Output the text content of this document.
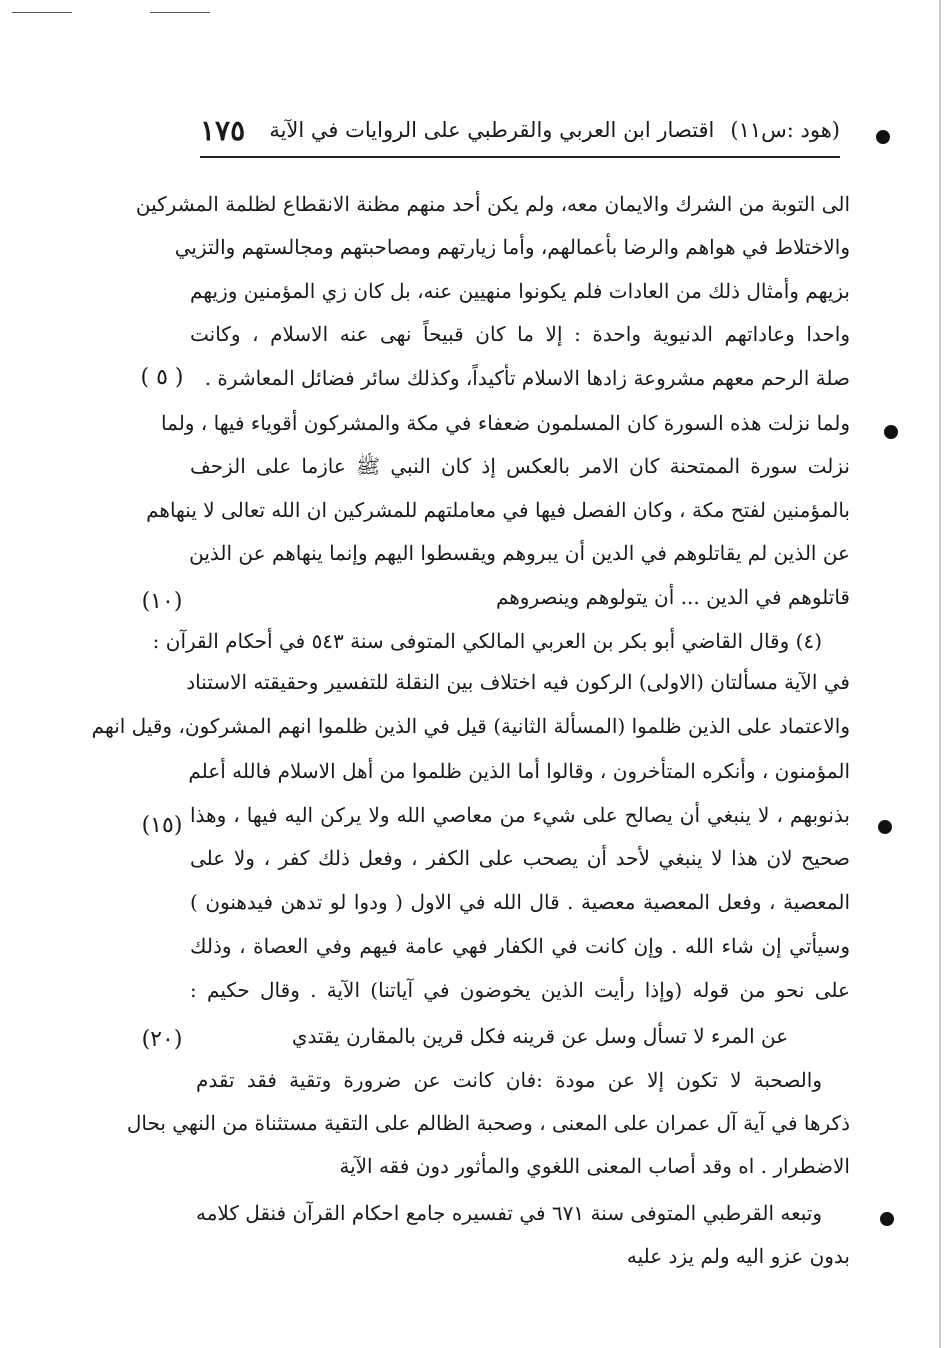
(هود :س١١)
اقتصار ابن العربي والقرطبي على الروايات في الآية
١٧٥
الى التوبة من الشرك والايمان معه، ولم يكن أحد منهم مظنة الانقطاع لظلمة المشركين
والاختلاط في هواهم والرضا بأعمالهم، وأما زيارتهم ومصاحبتهم ومجالستهم والتزيي
بزيهم وأمثال ذلك من العادات فلم يكونوا منهيين عنه، بل كان زي المؤمنين وزيهم
واحدا وعاداتهم الدنيوية واحدة : إلا ما كان قبيحاً نهى عنه الاسلام ، وكانت
صلة الرحم معهم مشروعة زادها الاسلام تأكيداً، وكذلك سائر فضائل المعاشرة .
ولما نزلت هذه السورة كان المسلمون ضعفاء في مكة والمشركون أقوياء فيها ، ولما
نزلت سورة الممتحنة كان الامر بالعكس إذ كان النبي ﷺ عازما على الزحف
بالمؤمنين لفتح مكة ، وكان الفصل فيها في معاملتهم للمشركين ان الله تعالى لا ينهاهم
عن الذين لم يقاتلوهم في الدين أن يبروهم ويقسطوا اليهم وإنما ينهاهم عن الذين
قاتلوهم في الدين ... أن يتولوهم وينصروهم
(٤) وقال القاضي أبو بكر بن العربي المالكي المتوفى سنة ٥٤٣ في أحكام القرآن :
في الآية مسألتان (الاولى) الركون فيه اختلاف بين النقلة للتفسير وحقيقته الاستناد
والاعتماد على الذين ظلموا (المسألة الثانية) قيل في الذين ظلموا انهم المشركون، وقيل انهم
المؤمنون ، وأنكره المتأخرون ، وقالوا أما الذين ظلموا من أهل الاسلام فالله أعلم
بذنوبهم ، لا ينبغي أن يصالح على شيء من معاصي الله ولا يركن اليه فيها ، وهذا
صحيح لان هذا لا ينبغي لأحد أن يصحب على الكفر ، وفعل ذلك كفر ، ولا على
المعصية ، وفعل المعصية معصية . قال الله في الاول ( ودوا لو تدهن فيدهنون )
وسيأتي إن شاء الله . وإن كانت في الكفار فهي عامة فيهم وفي العصاة ، وذلك
على نحو من قوله (وإذا رأيت الذين يخوضون في آياتنا) الآية . وقال حكيم :
عن المرء لا تسأل وسل عن قرينه فكل قرين بالمقارن يقتدي
والصحبة لا تكون إلا عن مودة :فان كانت عن ضرورة وتقية فقد تقدم
ذكرها في آية آل عمران على المعنى ، وصحبة الظالم على التقية مستثناة من النهي بحال
الاضطرار . اه وقد أصاب المعنى اللغوي والمأثور دون فقه الآية
وتبعه القرطبي المتوفى سنة ٦٧١ في تفسيره جامع احكام القرآن فنقل كلامه
بدون عزو اليه ولم يزد عليه
( ٥ )
(١٠)
(١٥)
(٢٠)
